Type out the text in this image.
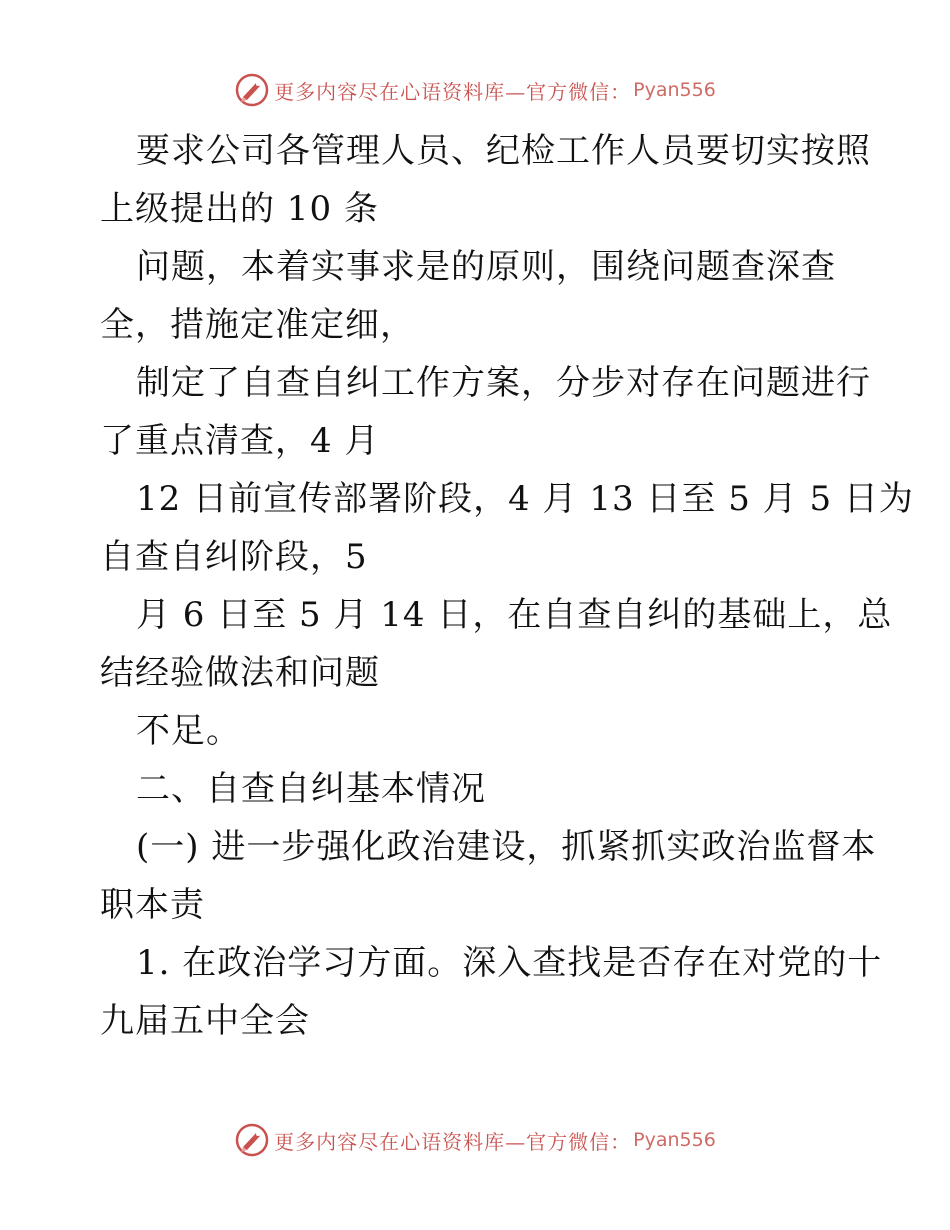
更多内容尽在心语资料库—官方微信： Pyan556
要求公司各管理人员、纪检工作人员要切实按照
上级提出的 10 条
问题，本着实事求是的原则，围绕问题查深查
全，措施定准定细，
制定了自查自纠工作方案，分步对存在问题进行
了重点清查，4 月
12 日前宣传部署阶段，4 月 13 日至 5 月 5 日为
自查自纠阶段，5
月 6 日至 5 月 14 日，在自查自纠的基础上，总
结经验做法和问题
不足。
二、自查自纠基本情况
(一) 进一步强化政治建设，抓紧抓实政治监督本
职本责
1. 在政治学习方面。深入查找是否存在对党的十
九届五中全会
更多内容尽在心语资料库—官方微信： Pyan556
